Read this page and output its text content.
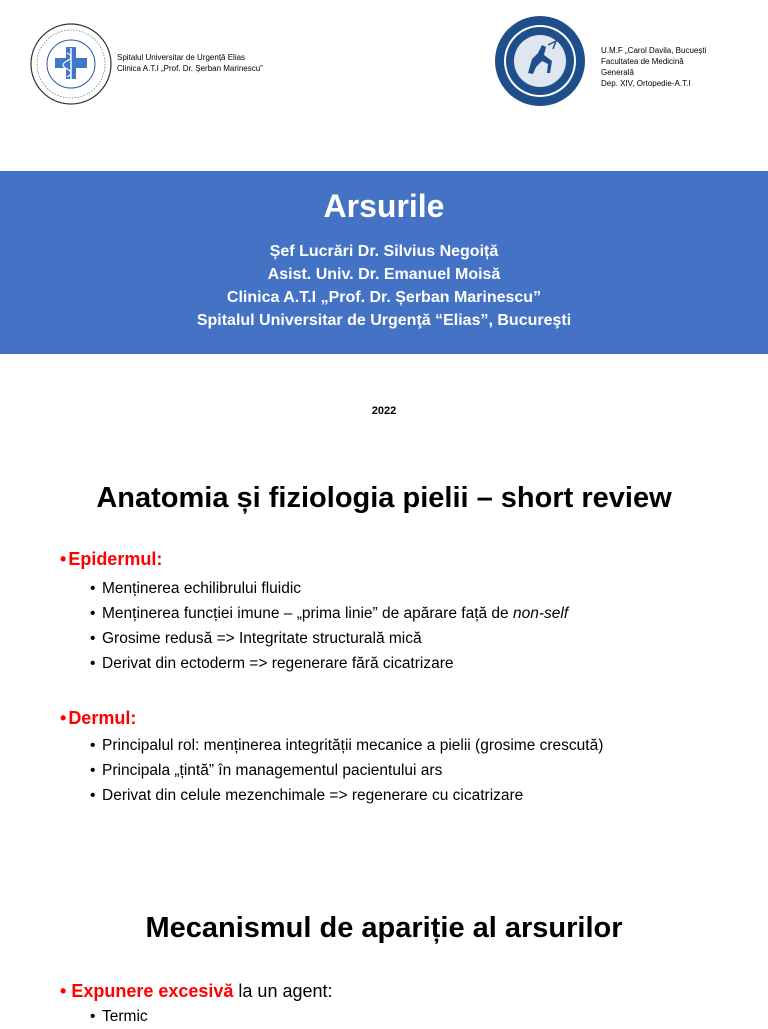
Spitalul Universitar de Urgență Elias
Clinica A.T.I „Prof. Dr. Șerban Marinescu”
U.M.F „Carol Davila, Bucuești
Facultatea de Medicină
Generală
Dep. XIV, Ortopedie-A.T.I
Arsurile
Șef Lucrări Dr. Silvius Negoiță
Asist. Univ. Dr. Emanuel Moisă
Clinica A.T.I „Prof. Dr. Șerban Marinescu”
Spitalul Universitar de Urgenţă “Elias”, Bucureşti
2022
Anatomia și fiziologia pielii – short review
• Epidermul:
• Menținerea echilibrului fluidic
• Menținerea funcției imune – „prima linie” de apărare față de non-self
• Grosime redusă => Integritate structurală mică
• Derivat din ectoderm => regenerare fără cicatrizare
• Dermul:
• Principalul rol: menținerea integrității mecanice a pielii (grosime crescută)
• Principala „țintă” în managementul pacientului ars
• Derivat din celule mezenchimale => regenerare cu cicatrizare
Mecanismul de apariție al arsurilor
• Expunere excesivă la un agent:
• Termic
